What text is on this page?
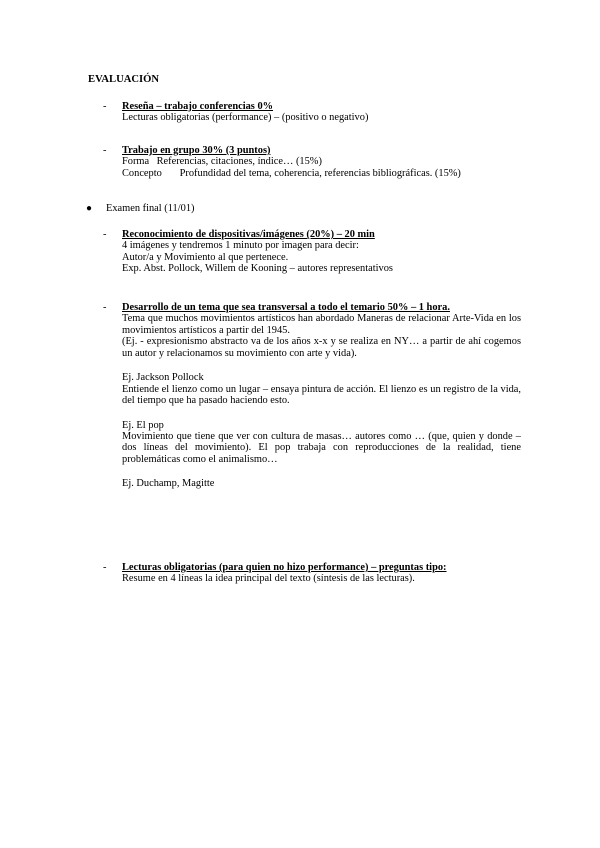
EVALUACIÓN
-	Reseña – trabajo conferencias 0%
Lecturas obligatorias (performance) – (positivo o negativo)
-	Trabajo en grupo 30% (3 puntos)
Forma Referencias, citaciones, índice… (15%)
Concepto Profundidad del tema, coherencia, referencias bibliográficas. (15%)
●	Examen final (11/01)
-	Reconocimiento de dispositivas/imágenes (20%) – 20 min
4 imágenes y tendremos 1 minuto por imagen para decir:
Autor/a y Movimiento al que pertenece.
Exp. Abst. Pollock, Willem de Kooning – autores representativos
-	Desarrollo de un tema que sea transversal a todo el temario 50% – 1 hora.
Tema que muchos movimientos artísticos han abordado Maneras de relacionar Arte-Vida en los movimientos artísticos a partir del 1945.
(Ej. - expresionismo abstracto va de los años x-x y se realiza en NY… a partir de ahí cogemos un autor y relacionamos su movimiento con arte y vida).
Ej. Jackson Pollock
Entiende el lienzo como un lugar – ensaya pintura de acción. El lienzo es un registro de la vida, del tiempo que ha pasado haciendo esto.
Ej. El pop
Movimiento que tiene que ver con cultura de masas… autores como … (que, quien y donde – dos líneas del movimiento). El pop trabaja con reproducciones de la realidad, tiene problemáticas como el animalismo…
Ej. Duchamp, Magitte
-	Lecturas obligatorias (para quien no hizo performance) – preguntas tipo:
Resume en 4 líneas la idea principal del texto (síntesis de las lecturas).
